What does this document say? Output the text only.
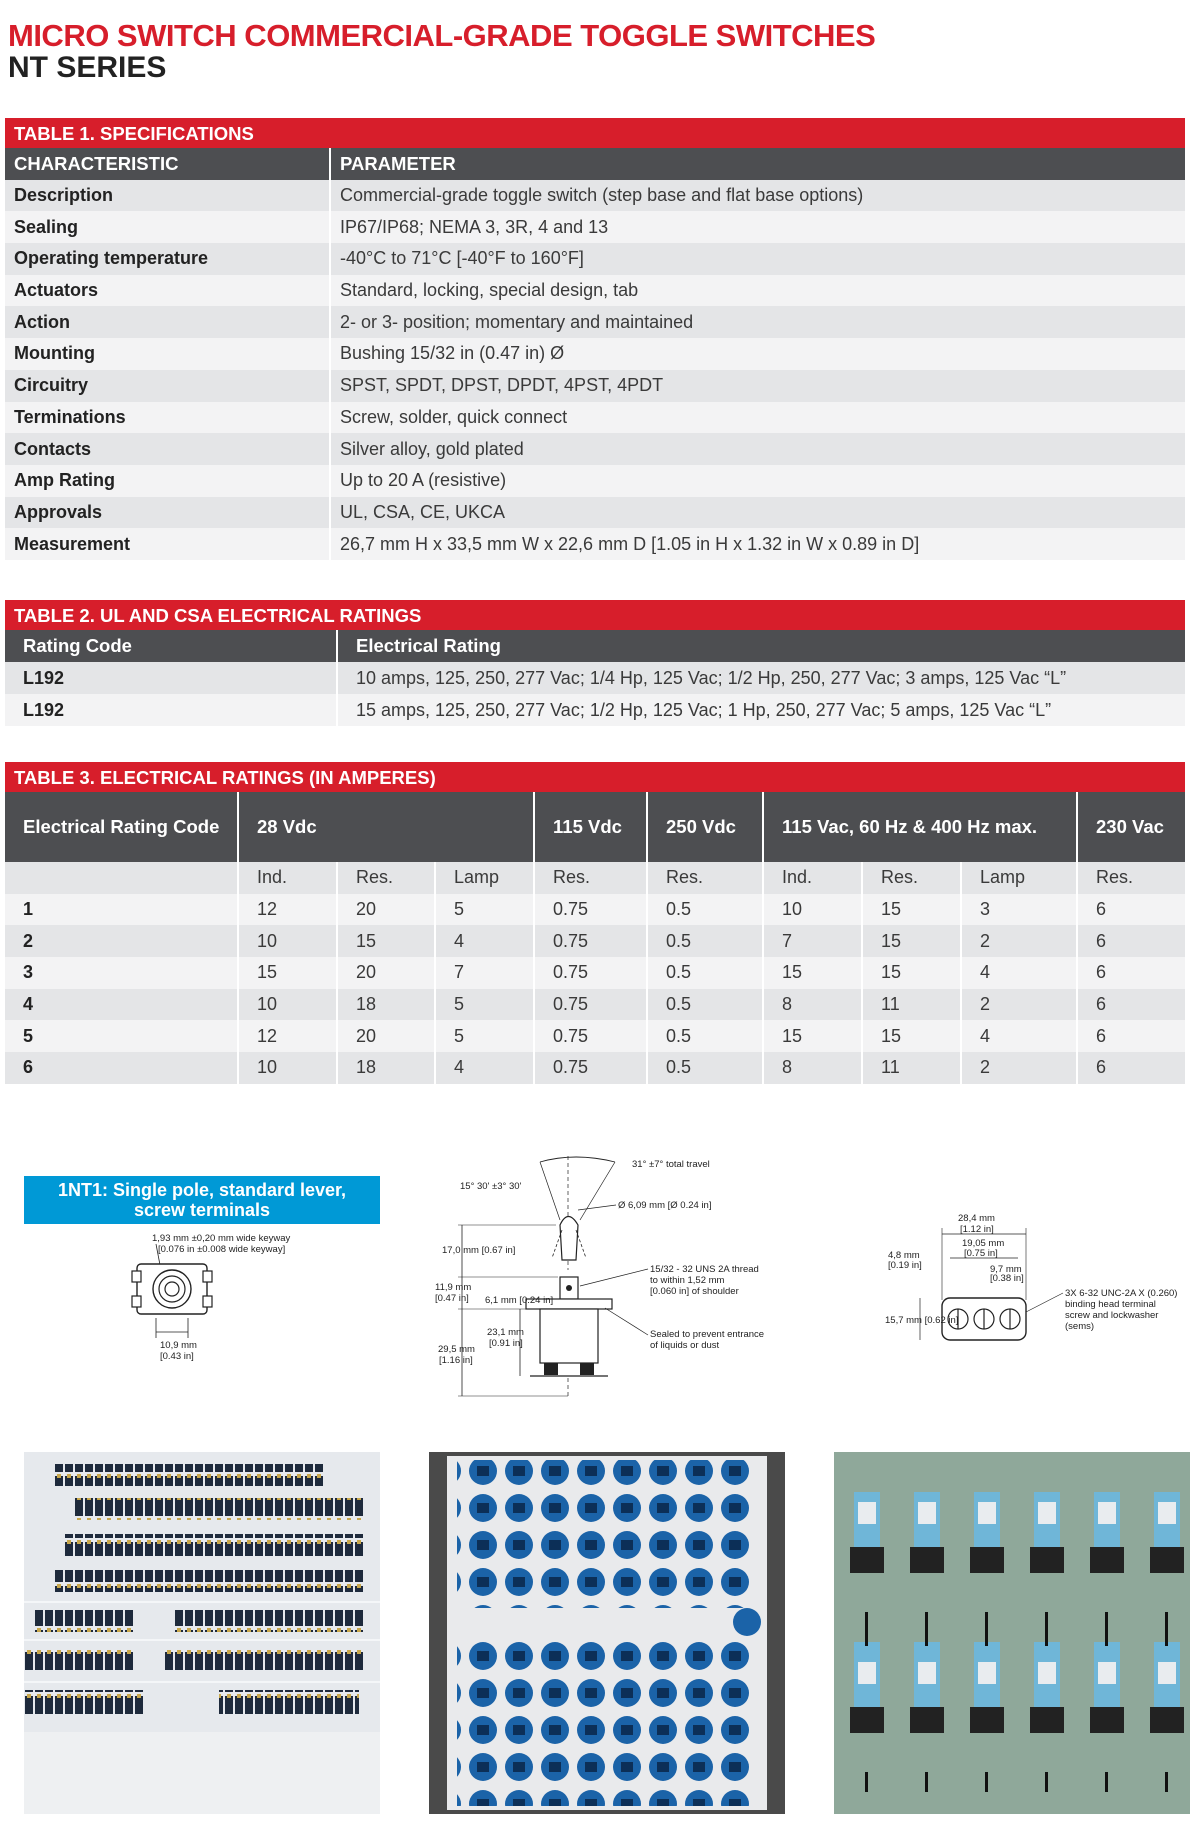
MICRO SWITCH COMMERCIAL-GRADE TOGGLE SWITCHES
NT SERIES
TABLE 1. SPECIFICATIONS
CHARACTERISTIC	PARAMETER
Description	Commercial-grade toggle switch (step base and flat base options)
Sealing	IP67/IP68; NEMA 3, 3R, 4 and 13
Operating temperature	-40°C to 71°C [-40°F to 160°F]
Actuators	Standard, locking, special design, tab
Action	2- or 3- position; momentary and maintained
Mounting	Bushing 15/32 in (0.47 in) Ø
Circuitry	SPST, SPDT, DPST, DPDT, 4PST, 4PDT
Terminations	Screw, solder, quick connect
Contacts	Silver alloy, gold plated
Amp Rating	Up to 20 A (resistive)
Approvals	UL, CSA, CE, UKCA
Measurement	26,7 mm H x 33,5 mm W x 22,6 mm D [1.05 in H x 1.32 in W x 0.89 in D]
TABLE 2. UL AND CSA ELECTRICAL RATINGS
Rating Code	Electrical Rating
L192	10 amps, 125, 250, 277 Vac; 1/4 Hp, 125 Vac; 1/2 Hp, 250, 277 Vac; 3 amps, 125 Vac “L”
L192	15 amps, 125, 250, 277 Vac; 1/2 Hp, 125 Vac; 1 Hp, 250, 277 Vac; 5 amps, 125 Vac “L”
TABLE 3. ELECTRICAL RATINGS (IN AMPERES)
Electrical Rating Code	28 Vdc			115 Vdc	250 Vdc	115 Vac, 60 Hz & 400 Hz max.			230 Vac
	Ind.	Res.	Lamp	Res.	Res.	Ind.	Res.	Lamp	Res.
1	12	20	5	0.75	0.5	10	15	3	6
2	10	15	4	0.75	0.5	7	15	2	6
3	15	20	7	0.75	0.5	15	15	4	6
4	10	18	5	0.75	0.5	8	11	2	6
5	12	20	5	0.75	0.5	15	15	4	6
6	10	18	4	0.75	0.5	8	11	2	6
1NT1: Single pole, standard lever,
screw terminals
1,93 mm ±0,20 mm wide keyway
[0.076 in ±0.008 wide keyway]
10,9 mm
[0.43 in]
31° ±7° total travel
15° 30' ±3° 30'
Ø 6,09 mm [Ø 0.24 in]
17,0 mm [0.67 in]
11,9 mm
[0.47 in] 6,1 mm [0.24 in]
23,1 mm
[0.91 in]
29,5 mm
[1.16 in]
15/32 - 32 UNS 2A thread
to within 1,52 mm
[0.060 in] of shoulder
Sealed to prevent entrance
of liquids or dust
28,4 mm
[1.12 in]
19,05 mm
[0.75 in]
4,8 mm
[0.19 in]	9,7 mm
[0.38 in]
15,7 mm [0.62 in]
3X 6-32 UNC-2A X (0.260)
binding head terminal
screw and lockwasher
(sems)
